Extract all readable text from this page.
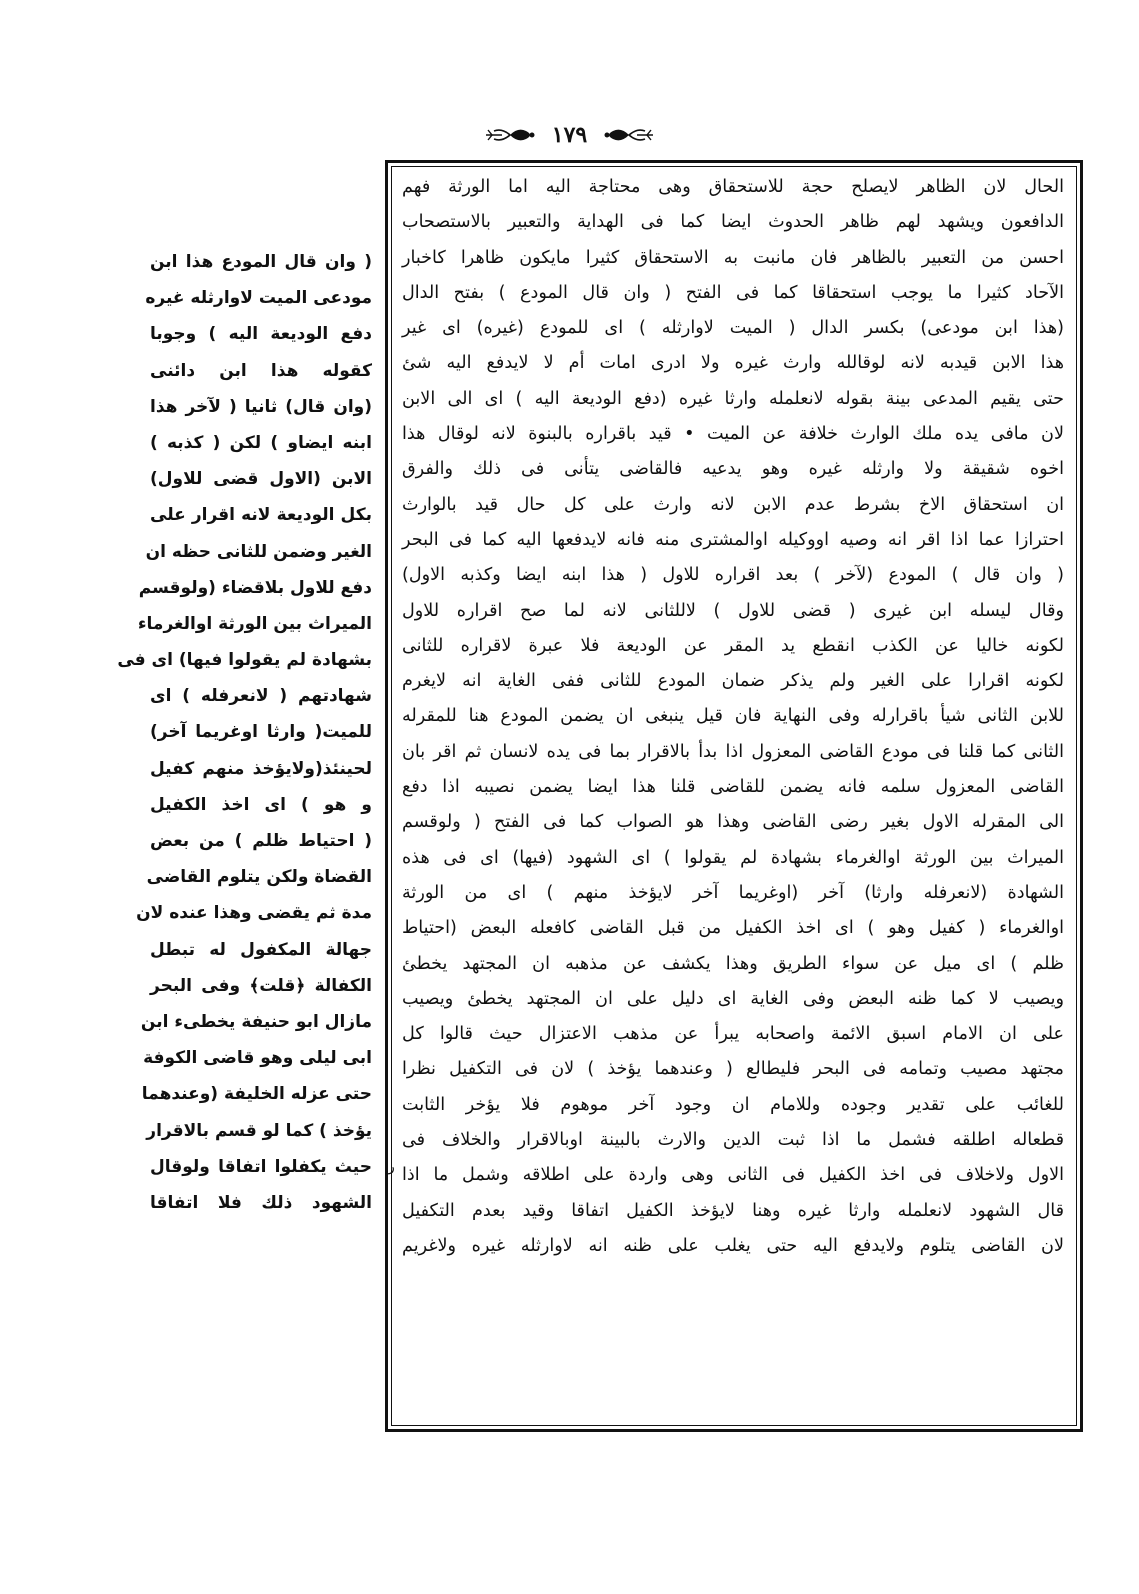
١٧٩
الحال لان الظاهر لايصلح حجة للاستحقاق وهى محتاجة اليه اما الورثة فهم
الدافعون ويشهد لهم ظاهر الحدوث ايضا كما فى الهداية والتعبير بالاستصحاب
احسن من التعبير بالظاهر فان مانبت به الاستحقاق كثيرا مايكون ظاهرا كاخبار
الآحاد كثيرا ما يوجب استحقاقا كما فى الفتح ( وان قال المودع ) بفتح الدال
(هذا ابن مودعى) بكسر الدال ( الميت لاوارثله ) اى للمودع (غيره) اى غير
هذا الابن قيدبه لانه لوقالله وارث غيره ولا ادرى امات أم لا لايدفع اليه شئ
حتى يقيم المدعى بينة بقوله لانعلمله وارثا غيره (دفع الوديعة اليه ) اى الى الابن
لان مافى يده ملك الوارث خلافة عن الميت • قيد باقراره بالبنوة لانه لوقال هذا
اخوه شقيقة ولا وارثله غيره وهو يدعيه فالقاضى يتأنى فى ذلك والفرق
ان استحقاق الاخ بشرط عدم الابن لانه وارث على كل حال قيد بالوارث
احترازا عما اذا اقر انه وصيه اووكيله اوالمشترى منه فانه لايدفعها اليه كما فى البحر
( وان قال ) المودع (لآخر ) بعد اقراره للاول ( هذا ابنه ايضا وكذبه الاول)
وقال ليسله ابن غيرى ( قضى للاول ) لاللثانى لانه لما صح اقراره للاول
لكونه خاليا عن الكذب انقطع يد المقر عن الوديعة فلا عبرة لاقراره للثانى
لكونه اقرارا على الغير ولم يذكر ضمان المودع للثانى ففى الغاية انه لايغرم
للابن الثانى شيأ باقرارله وفى النهاية فان قيل ينبغى ان يضمن المودع هنا للمقرله
الثانى كما قلنا فى مودع القاضى المعزول اذا بدأ بالاقرار بما فى يده لانسان ثم اقر بان
القاضى المعزول سلمه فانه يضمن للقاضى قلنا هذا ايضا يضمن نصيبه اذا دفع
الى المقرله الاول بغير رضى القاضى وهذا هو الصواب كما فى الفتح ( ولوقسم
الميراث بين الورثة اوالغرماء بشهادة لم يقولوا ) اى الشهود (فيها) اى فى هذه
الشهادة (لانعرفله وارثا) آخر (اوغريما آخر لايؤخذ منهم ) اى من الورثة
اوالغرماء ( كفيل وهو ) اى اخذ الكفيل من قبل القاضى كافعله البعض (احتياط
ظلم ) اى ميل عن سواء الطريق وهذا يكشف عن مذهبه ان المجتهد يخطئ
ويصيب لا كما ظنه البعض وفى الغاية اى دليل على ان المجتهد يخطئ ويصيب
على ان الامام اسبق الائمة واصحابه يبرأ عن مذهب الاعتزال حيث قالوا كل
مجتهد مصيب وتمامه فى البحر فليطالع ( وعندهما يؤخذ ) لان فى التكفيل نظرا
للغائب على تقدير وجوده وللامام ان وجود آخر موهوم فلا يؤخر الثابت
قطعاله اطلقه فشمل ما اذا ثبت الدين والارث بالبينة اوبالاقرار والخلاف فى
الاول ولاخلاف فى اخذ الكفيل فى الثانى وهى واردة على اطلاقه وشمل ما اذا
قال الشهود لانعلمله وارثا غيره وهنا لايؤخذ الكفيل اتفاقا وقيد بعدم التكفيل
لان القاضى يتلوم ولايدفع اليه حتى يغلب على ظنه انه لاوارثله غيره ولاغريم
ر
( وان قال المودع هذا ابن
مودعى الميت لاوارثله غيره
دفع الوديعة اليه ) وجوبا
كقوله هذا ابن دائنى
(وان قال) ثانيا ( لآخر هذا
ابنه ايضاو ) لكن ( كذبه )
الابن (الاول قضى للاول)
بكل الوديعة لانه اقرار على
الغير وضمن للثانى حظه ان
دفع للاول بلاقضاء (ولوقسم
الميراث بين الورثة اوالغرماء
بشهادة لم يقولوا فيها) اى فى
شهادتهم ( لانعرفله ) اى
للميت( وارثا اوغريما آخر)
لحينئذ(ولايؤخذ منهم كفيل
و هو ) اى اخذ الكفيل
( احتياط ظلم ) من بعض
القضاة ولكن يتلوم القاضى
مدة ثم يقضى وهذا عنده لان
جهالة المكفول له تبطل
الكفالة ﴿قلت﴾ وفى البحر
مازال ابو حنيفة يخطىء ابن
ابى ليلى وهو قاضى الكوفة
حتى عزله الخليفة (وعندهما
يؤخذ ) كما لو قسم بالاقرار
حيث يكفلوا اتفاقا ولوقال
الشهود ذلك فلا اتفاقا
